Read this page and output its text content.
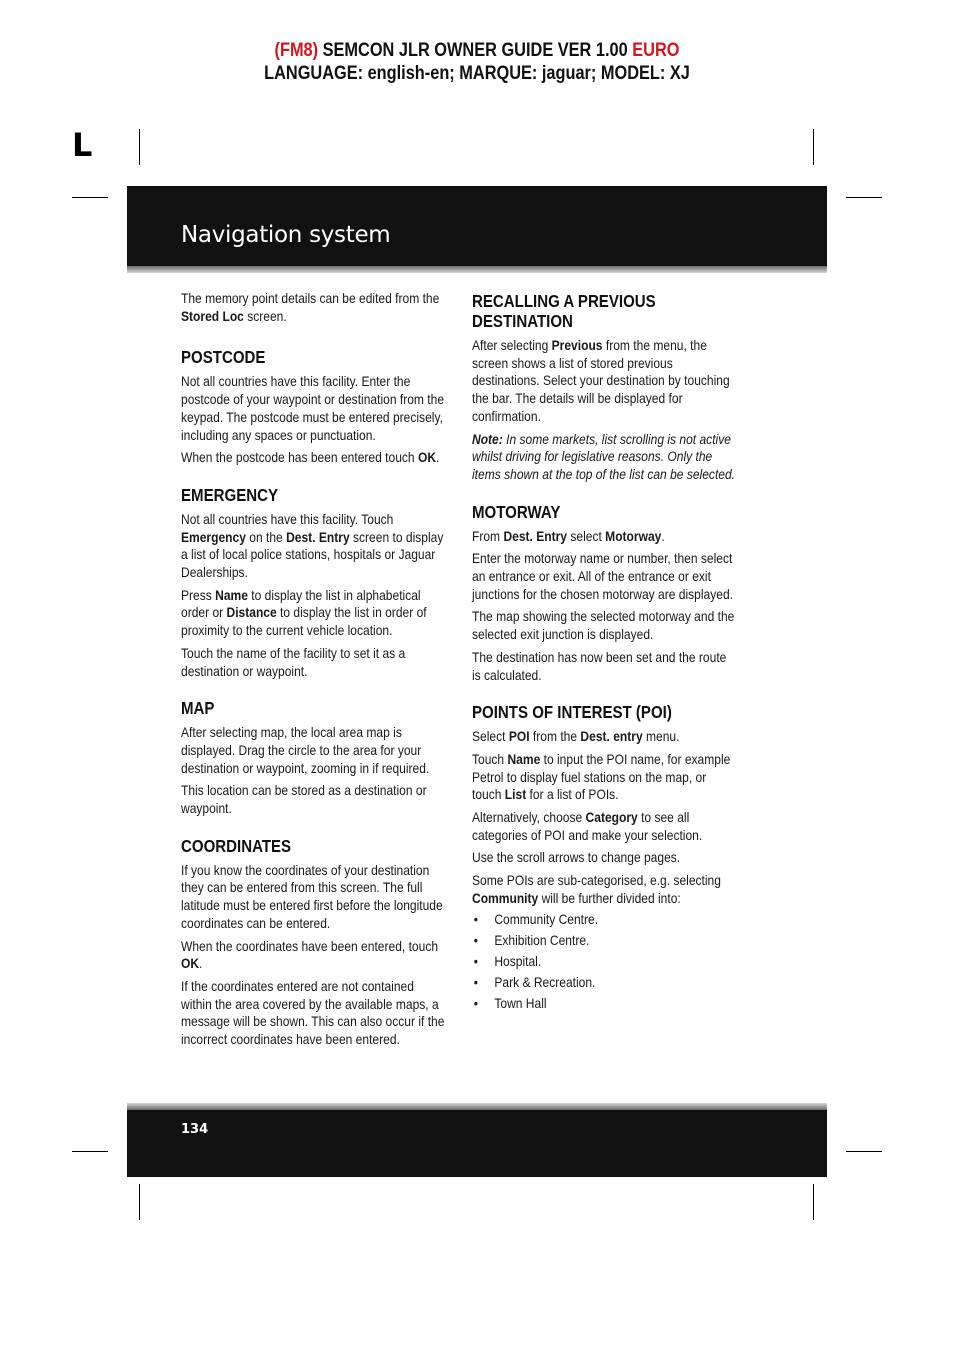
(FM8) SEMCON JLR OWNER GUIDE VER 1.00 EURO
LANGUAGE: english-en; MARQUE: jaguar; MODEL: XJ
L
Navigation system

The memory point details can be edited from the Stored Loc screen.

POSTCODE

Not all countries have this facility. Enter the postcode of your waypoint or destination from the keypad. The postcode must be entered precisely, including any spaces or punctuation.

When the postcode has been entered touch OK.

EMERGENCY

Not all countries have this facility. Touch Emergency on the Dest. Entry screen to display a list of local police stations, hospitals or Jaguar Dealerships.

Press Name to display the list in alphabetical order or Distance to display the list in order of proximity to the current vehicle location.

Touch the name of the facility to set it as a destination or waypoint.

MAP

After selecting map, the local area map is displayed. Drag the circle to the area for your destination or waypoint, zooming in if required.

This location can be stored as a destination or waypoint.

COORDINATES

If you know the coordinates of your destination they can be entered from this screen. The full latitude must be entered first before the longitude coordinates can be entered.

When the coordinates have been entered, touch OK.

If the coordinates entered are not contained within the area covered by the available maps, a message will be shown. This can also occur if the incorrect coordinates have been entered.

RECALLING A PREVIOUS DESTINATION

After selecting Previous from the menu, the screen shows a list of stored previous destinations. Select your destination by touching the bar. The details will be displayed for confirmation.

Note: In some markets, list scrolling is not active whilst driving for legislative reasons. Only the items shown at the top of the list can be selected.

MOTORWAY

From Dest. Entry select Motorway.

Enter the motorway name or number, then select an entrance or exit. All of the entrance or exit junctions for the chosen motorway are displayed.

The map showing the selected motorway and the selected exit junction is displayed.

The destination has now been set and the route is calculated.

POINTS OF INTEREST (POI)

Select POI from the Dest. entry menu.

Touch Name to input the POI name, for example Petrol to display fuel stations on the map, or touch List for a list of POIs.

Alternatively, choose Category to see all categories of POI and make your selection.

Use the scroll arrows to change pages.

Some POIs are sub-categorised, e.g. selecting Community will be further divided into:

• Community Centre.
• Exhibition Centre.
• Hospital.
• Park & Recreation.
• Town Hall
134
